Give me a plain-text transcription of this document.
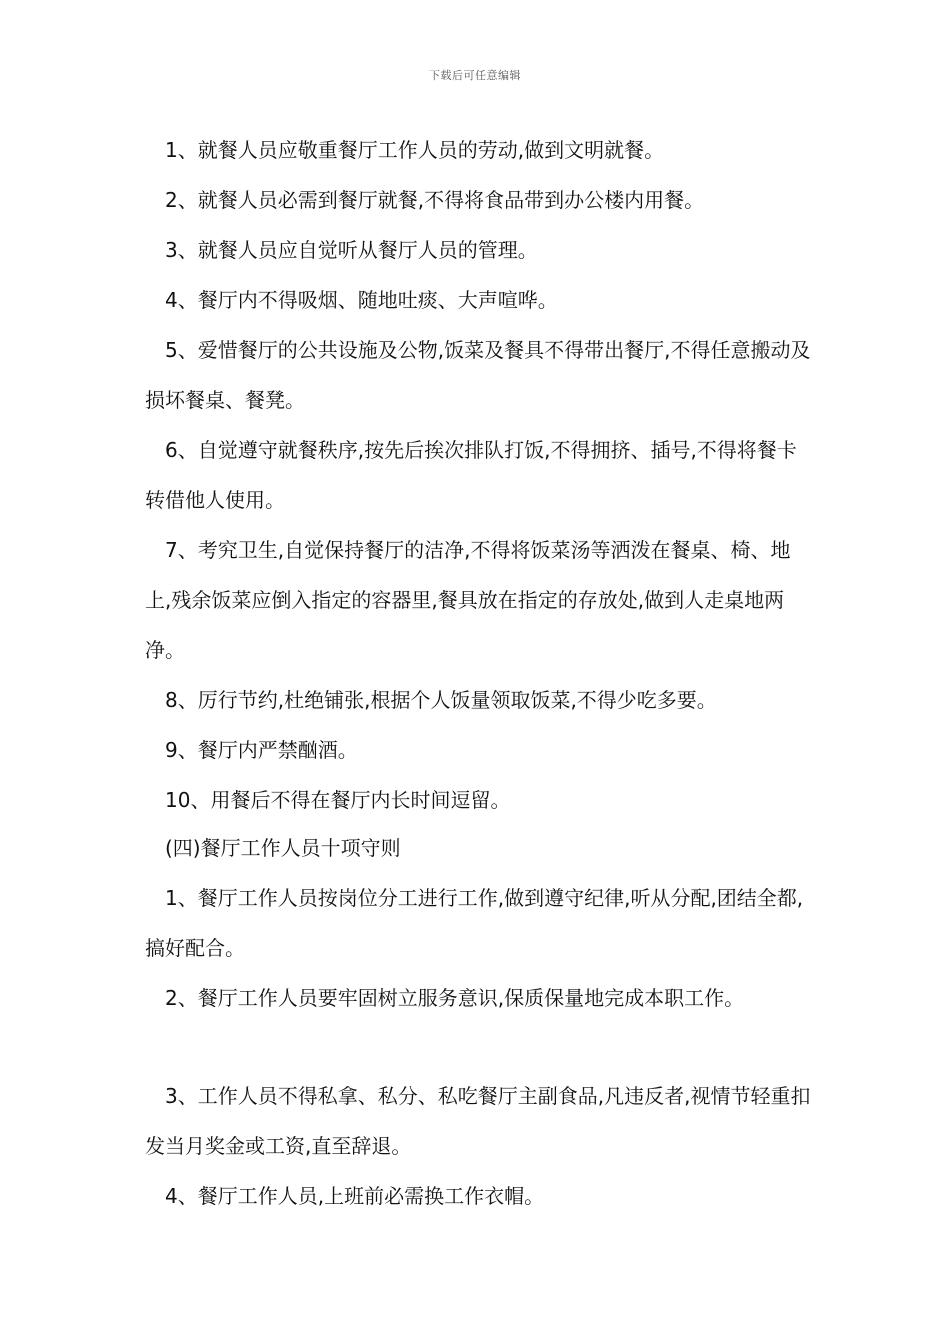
下载后可任意编辑
 1、就餐人员应敬重餐厅工作人员的劳动,做到文明就餐。
 2、就餐人员必需到餐厅就餐,不得将食品带到办公楼内用餐。
 3、就餐人员应自觉听从餐厅人员的管理。
 4、餐厅内不得吸烟、随地吐痰、大声喧哗。
 5、爱惜餐厅的公共设施及公物,饭菜及餐具不得带出餐厅,不得任意搬动及损坏餐桌、餐凳。
 6、自觉遵守就餐秩序,按先后挨次排队打饭,不得拥挤、插号,不得将餐卡转借他人使用。
 7、考究卫生,自觉保持餐厅的洁净,不得将饭菜汤等洒泼在餐桌、椅、地上,残余饭菜应倒入指定的容器里,餐具放在指定的存放处,做到人走桌地两净。
 8、厉行节约,杜绝铺张,根据个人饭量领取饭菜,不得少吃多要。
 9、餐厅内严禁酗酒。
 10、用餐后不得在餐厅内长时间逗留。
 (四)餐厅工作人员十项守则
 1、餐厅工作人员按岗位分工进行工作,做到遵守纪律,听从分配,团结全都,搞好配合。
 2、餐厅工作人员要牢固树立服务意识,保质保量地完成本职工作。
 3、工作人员不得私拿、私分、私吃餐厅主副食品,凡违反者,视情节轻重扣发当月奖金或工资,直至辞退。
 4、餐厅工作人员,上班前必需换工作衣帽。
